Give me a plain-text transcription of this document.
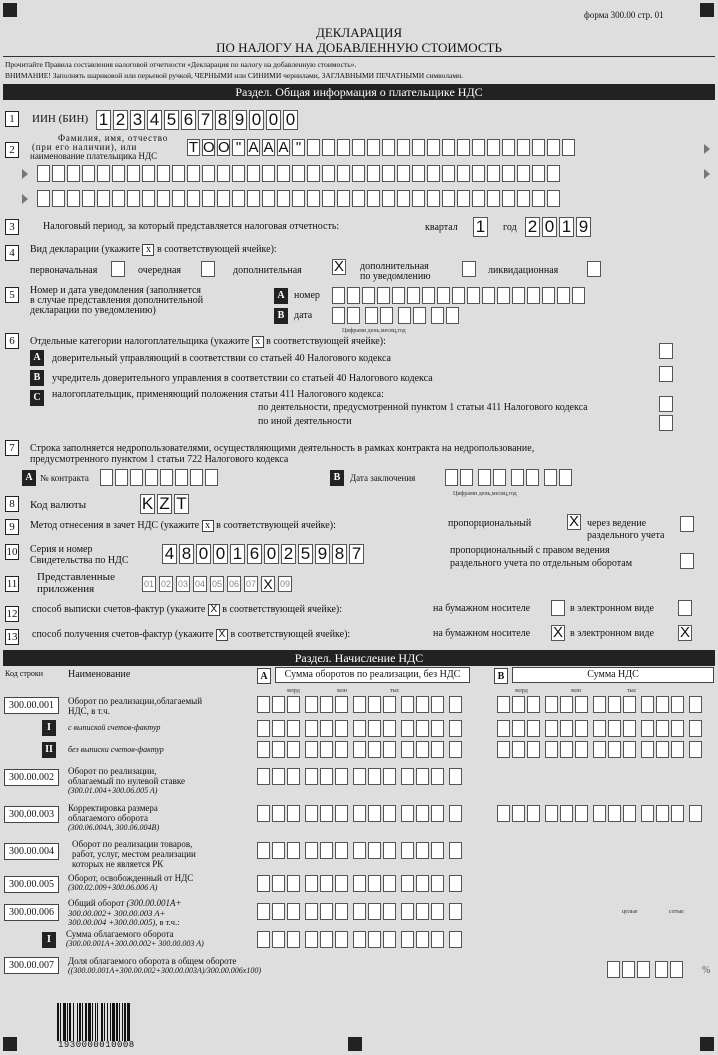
форма 300.00 стр. 01
ДЕКЛАРАЦИЯ
ПО НАЛОГУ НА ДОБАВЛЕННУЮ СТОИМОСТЬ
Прочитайте Правила составления налоговой отчетности «Декларация по налогу на добавленную стоимость».
ВНИМАНИЕ! Заполнять шариковой или перьевой ручкой, ЧЕРНЫМИ или СИНИМИ чернилами, ЗАГЛАВНЫМИ ПЕЧАТНЫМИ символами.
Раздел. Общая информация о плательщике НДС
1	ИИН (БИН) 1 2 3 4 5 6 7 8 9 0 0 0
2
Фамилия, имя, отчество
(при его наличии), или
наименование плательщика НДС Т О О " А А А "
3	Налоговый период, за который представляется налоговая отчетность:	квартал 1 год 2 0 1 9
4	Вид декларации (укажите x в соответствующей ячейке):
первоначальная	очередная	дополнительная X дополнительная
по уведомлению
ликвидационная
5	Номер и дата уведомления (заполняется
в случае представления дополнительной
декларации по уведомлению)
A номер
B дата
Цифрами день,месяц,год
6	Отдельные категории налогоплательщика (укажите x в соответствующей ячейке):
A	доверительный управляющий в соответствии со статьей 40 Налогового кодекса
B	учредитель доверительного управления в соответствии со статьей 40 Налогового кодекса
C	налогоплательщик, применяющий положения статьи 411 Налогового кодекса:
по деятельности, предусмотренной пунктом 1 статьи 411 Налогового кодекса
по иной деятельности
7	Строка заполняется недропользователями, осуществляющими деятельность в рамках контракта на недропользование,
предусмотренного пунктом 1 статьи 722 Налогового кодекса
A № контракта	B	Дата заключения
Цифрами день,месяц,год
8	Код валюты	K Z T
9	Метод отнесения в зачет НДС (укажите x в соответствующей ячейке):	пропорциональный	X через ведение
раздельного учета
10 Серия и номер
Свидетельства по НДС 4 8 0 0 1 6 0 2 5 9 8 7	пропорциональный с правом ведения
раздельного учета по отдельным оборотам
11
Представленные
приложения	01 02 03 04 05 06 07 X 09
12 способ выписки счетов-фактур (укажите X в соответствующей ячейке):	на бумажном носителе	в электронном виде
13 способ получения счетов-фактур (укажите X в соответствующей ячейке):	на бумажном носителе X в электронном виде X
Раздел. Начисление НДС
Код строки Наименование	A	Сумма оборотов по реализации, без НДС	B	Сумма НДС
млрд	млн	тыс	млрд	млн	тыс
300.00.001	Оборот по реализации,облагаемый
НДС, в т.ч.
I	с выпиской счетов-фактур
II	без выписки счетов-фактур
300.00.002
Оборот по реализации,
облагаемый по нулевой ставке
(300.01.004+300.06.005 A)
300.00.003
Корректировка размера
облагаемого оборота
(300.06.004A, 300.06.004B)
300.00.004
Оборот по реализации товаров,
работ, услуг, местом реализации
которых не является РК
300.00.005
Оборот, освобожденный от НДС
(300.02.009+300.06.006 A)
300.00.006
Общий оборот (300.00.001A+
300.00.002+ 300.00.003 A+
300.00.004 +300.00.005), в т.ч.:
целые	сотые
I	Сумма облагаемого оборота
(300.00.001A+300.00.002+ 300.00.003 A)
300.00.007	Доля облагаемого оборота в общем обороте
((300.00.001A+300.00.002+300.00.003A)/300.00.006x100)	%
1930000010008
